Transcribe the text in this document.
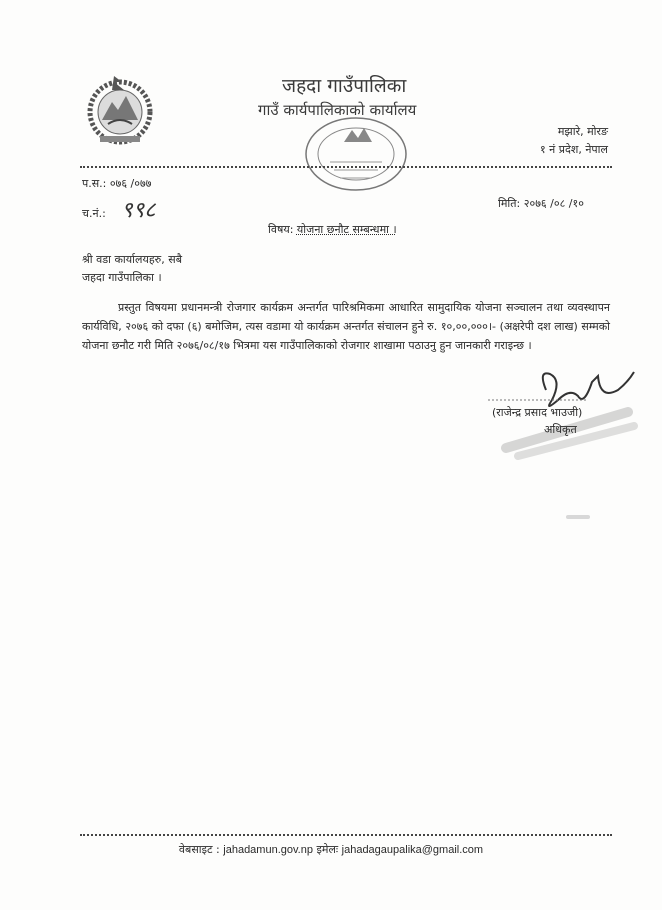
जहदा गाउँपालिका
गाउँ कार्यपालिकाको कार्यालय
मझारे, मोरङ
१ नं प्रदेश, नेपाल
प.स.: ०७६ /०७७
च.नं.: ९९८	मिति: २०७६ /०८ /१०
विषय: योजना छनौट सम्बन्धमा ।
श्री वडा कार्यालयहरु, सबै
जहदा गाउँपालिका ।
प्रस्तुत विषयमा प्रधानमन्त्री रोजगार कार्यक्रम अन्तर्गत पारिश्रमिकमा आधारित सामुदायिक योजना सञ्चालन तथा व्यवस्थापन कार्यविधि, २०७६ को दफा (६) बमोजिम, त्यस वडामा यो कार्यक्रम अन्तर्गत संचालन हुने रु. १०,००,०००।- (अक्षरेपी दश लाख) सम्मको योजना छनौट गरी मिति २०७६/०८/१७ भित्रमा यस गाउँपालिकाको रोजगार शाखामा पठाउनु हुन जानकारी गराइन्छ ।
(राजेन्द्र प्रसाद भाउजी)
अधिकृत
वेबसाइट : jahadamun.gov.np इमेलः jahadagaupalika@gmail.com
